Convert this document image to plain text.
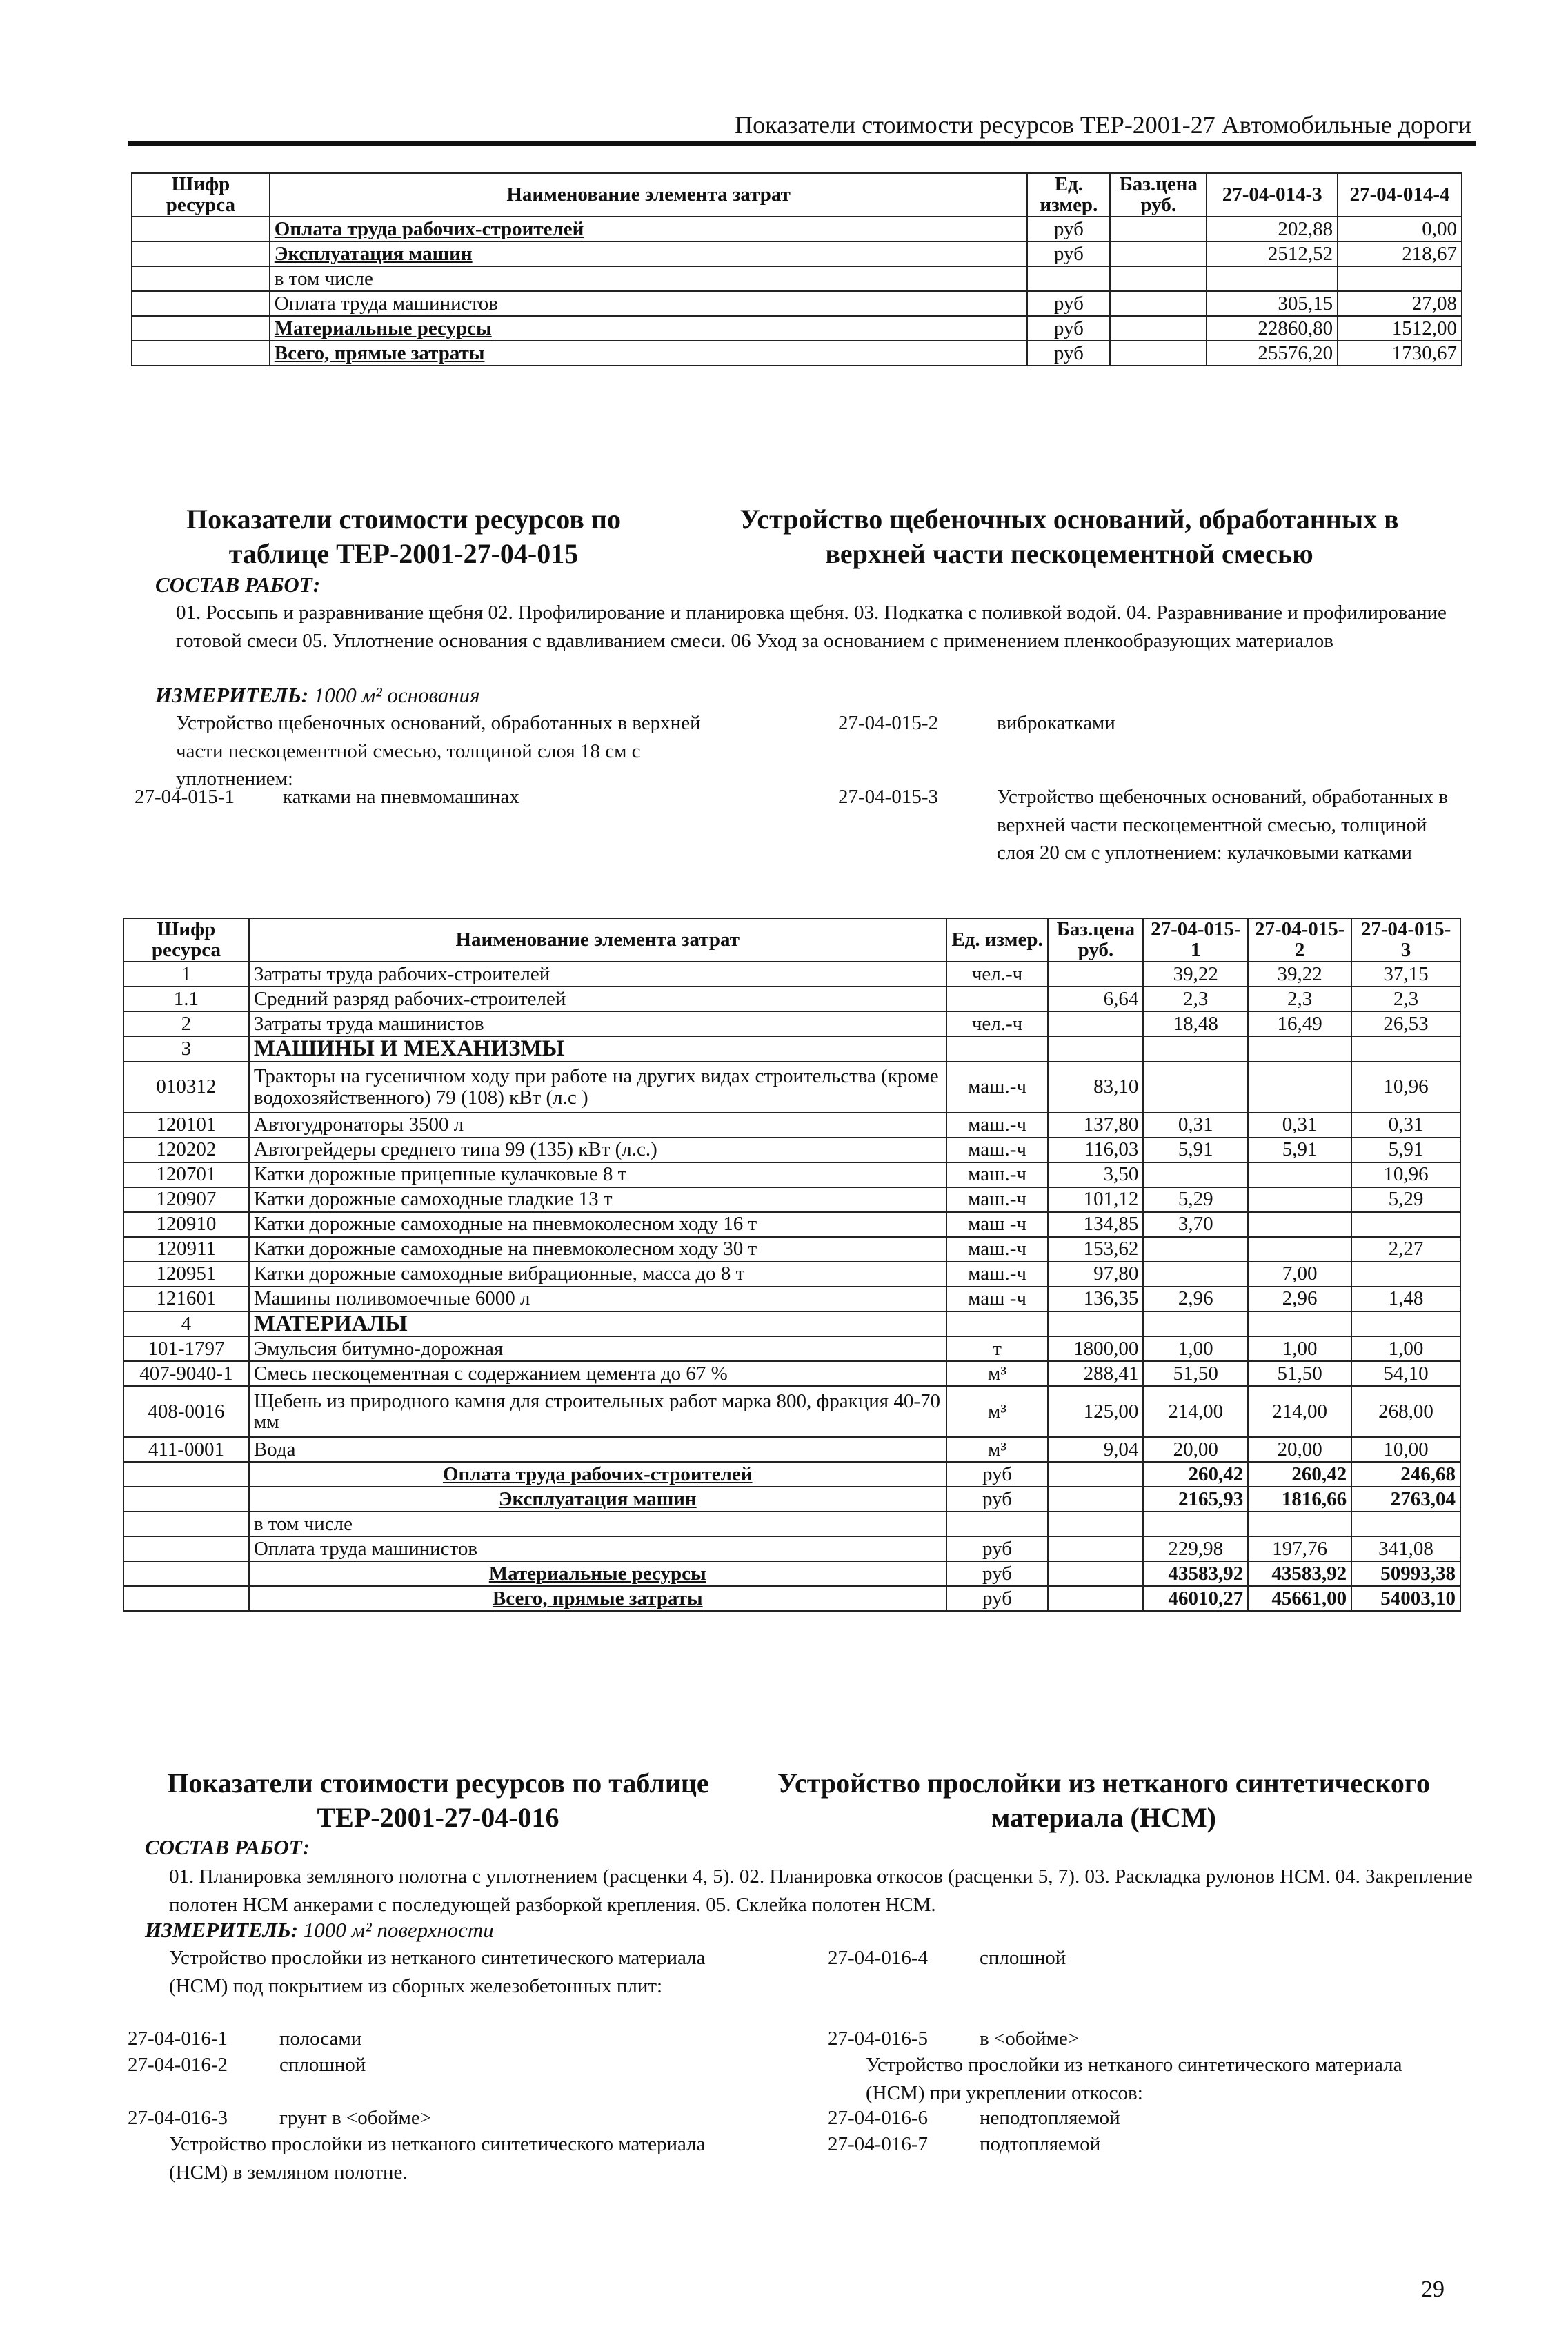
Показатели стоимости ресурсов ТЕР-2001-27 Автомобильные дороги
Шифр ресурса	Наименование элемента затрат	Ед. измер.	Баз.цена руб.	27-04-014-3	27-04-014-4
	Оплата труда рабочих-строителей	руб		202,88	0,00
	Эксплуатация машин	руб		2512,52	218,67
	в том числе				
	Оплата труда машинистов	руб		305,15	27,08
	Материальные ресурсы	руб		22860,80	1512,00
	Всего, прямые затраты	руб		25576,20	1730,67
Показатели стоимости ресурсов по таблице ТЕР-2001-27-04-015
Устройство щебеночных оснований, обработанных в верхней части пескоцементной смесью
СОСТАВ РАБОТ:
01. Россыпь и разравнивание щебня 02. Профилирование и планировка щебня. 03. Подкатка с поливкой водой. 04. Разравнивание и профилирование готовой смеси 05. Уплотнение основания с вдавливанием смеси. 06 Уход за основанием с применением пленкообразующих материалов
ИЗМЕРИТЕЛЬ: 1000 м² основания
Устройство щебеночных оснований, обработанных в верхней части пескоцементной смесью, толщиной слоя 18 см с уплотнением:
27-04-015-1 катками на пневмомашинах
27-04-015-2	виброкатками
27-04-015-3	Устройство щебеночных оснований, обработанных в верхней части пескоцементной смесью, толщиной слоя 20 см с уплотнением: кулачковыми катками
Шифр ресурса	Наименование элемента затрат	Ед. измер.	Баз.цена руб.	27-04-015-1	27-04-015-2	27-04-015-3
1	Затраты труда рабочих-строителей	чел.-ч		39,22	39,22	37,15
1.1	Средний разряд рабочих-строителей		6,64	2,3	2,3	2,3
2	Затраты труда машинистов	чел.-ч		18,48	16,49	26,53
3	МАШИНЫ И МЕХАНИЗМЫ					
010312	Тракторы на гусеничном ходу при работе на других видах строительства (кроме водохозяйственного) 79 (108) кВт (л.с )	маш.-ч	83,10			10,96
120101	Автогудронаторы 3500 л	маш.-ч	137,80	0,31	0,31	0,31
120202	Автогрейдеры среднего типа 99 (135) кВт (л.с.)	маш.-ч	116,03	5,91	5,91	5,91
120701	Катки дорожные прицепные кулачковые 8 т	маш.-ч	3,50			10,96
120907	Катки дорожные самоходные гладкие 13 т	маш.-ч	101,12	5,29		5,29
120910	Катки дорожные самоходные на пневмоколесном ходу 16 т	маш -ч	134,85	3,70		
120911	Катки дорожные самоходные на пневмоколесном ходу 30 т	маш.-ч	153,62			2,27
120951	Катки дорожные самоходные вибрационные, масса до 8 т	маш.-ч	97,80		7,00	
121601	Машины поливомоечные 6000 л	маш -ч	136,35	2,96	2,96	1,48
4	МАТЕРИАЛЫ					
101-1797	Эмульсия битумно-дорожная	т	1800,00	1,00	1,00	1,00
407-9040-1	Смесь пескоцементная с содержанием цемента до 67 %	м³	288,41	51,50	51,50	54,10
408-0016	Щебень из природного камня для строительных работ марка 800, фракция 40-70 мм	м³	125,00	214,00	214,00	268,00
411-0001	Вода	м³	9,04	20,00	20,00	10,00
	Оплата труда рабочих-строителей	руб		260,42	260,42	246,68
	Эксплуатация машин	руб		2165,93	1816,66	2763,04
	в том числе					
	Оплата труда машинистов	руб		229,98	197,76	341,08
	Материальные ресурсы	руб		43583,92	43583,92	50993,38
	Всего, прямые затраты	руб		46010,27	45661,00	54003,10
Показатели стоимости ресурсов по таблице ТЕР-2001-27-04-016
Устройство прослойки из нетканого синтетического материала (НСМ)
СОСТАВ РАБОТ:
01. Планировка земляного полотна с уплотнением (расценки 4, 5). 02. Планировка откосов (расценки 5, 7). 03. Раскладка рулонов НСМ. 04. Закрепление полотен НСМ анкерами с последующей разборкой крепления. 05. Склейка полотен НСМ.
ИЗМЕРИТЕЛЬ: 1000 м² поверхности
Устройство прослойки из нетканого синтетического материала (НСМ) под покрытием из сборных железобетонных плит:
27-04-016-1	полосами
27-04-016-2	сплошной
27-04-016-3	грунт в <обойме>
Устройство прослойки из нетканого синтетического материала (НСМ) в земляном полотне.
27-04-016-4	сплошной
27-04-016-5	в <обойме>
Устройство прослойки из нетканого синтетического материала (НСМ) при укреплении откосов:
27-04-016-6	неподтопляемой
27-04-016-7	подтопляемой
29
